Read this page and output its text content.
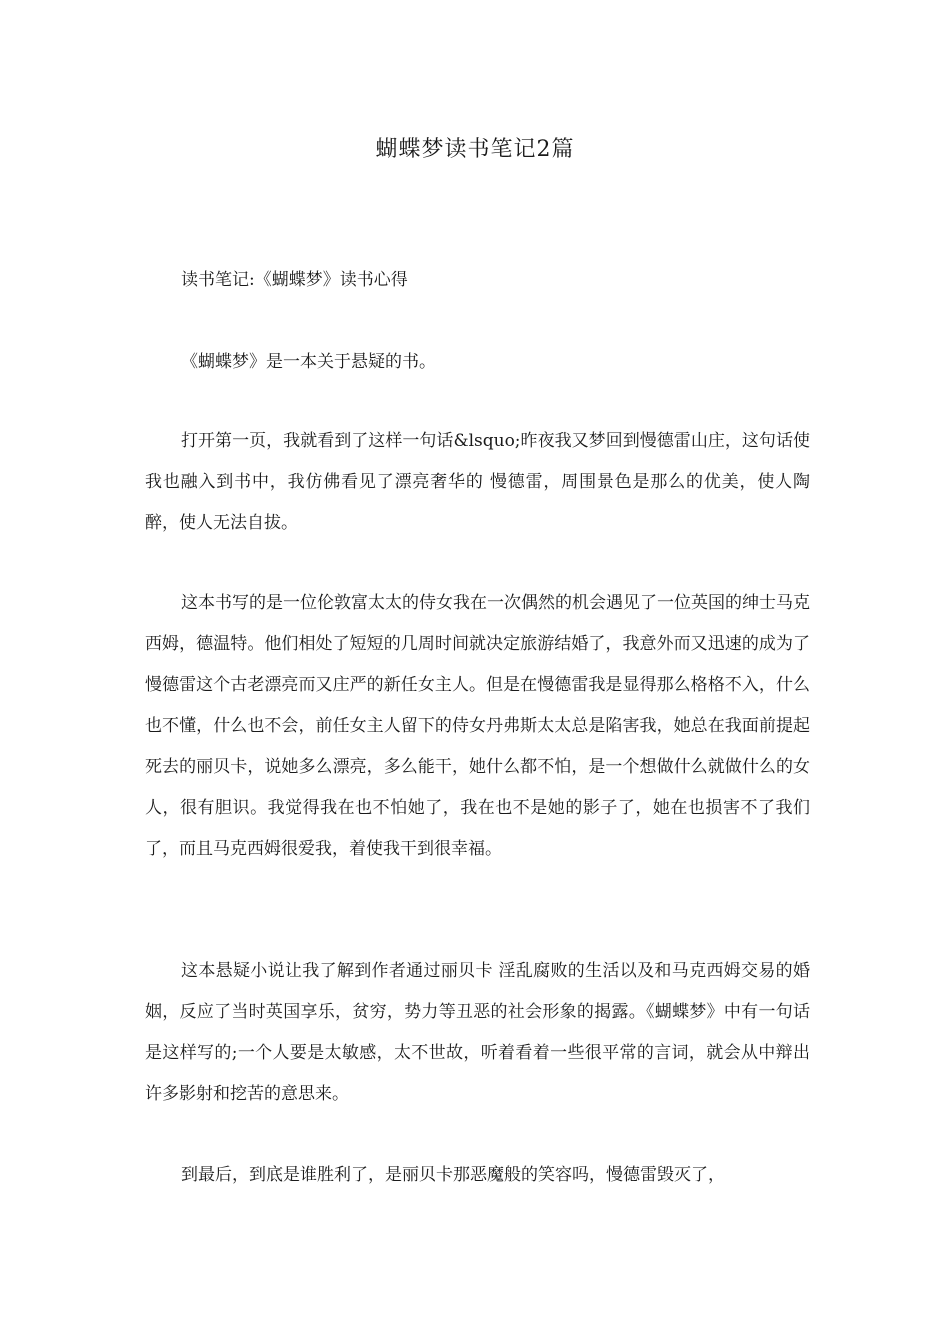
蝴蝶梦读书笔记2篇

读书笔记:《蝴蝶梦》读书心得

《蝴蝶梦》是一本关于悬疑的书。

打开第一页，我就看到了这样一句话&lsquo;昨夜我又梦回到慢德雷山庄，这句话使我也融入到书中，我仿佛看见了漂亮奢华的 慢德雷，周围景色是那么的优美，使人陶醉，使人无法自拔。

这本书写的是一位伦敦富太太的侍女我在一次偶然的机会遇见了一位英国的绅士马克西姆，德温特。他们相处了短短的几周时间就决定旅游结婚了，我意外而又迅速的成为了慢德雷这个古老漂亮而又庄严的新任女主人。但是在慢德雷我是显得那么格格不入，什么也不懂，什么也不会，前任女主人留下的侍女丹弗斯太太总是陷害我，她总在我面前提起死去的丽贝卡，说她多么漂亮，多么能干，她什么都不怕，是一个想做什么就做什么的女人，很有胆识。我觉得我在也不怕她了，我在也不是她的影子了，她在也损害不了我们了，而且马克西姆很爱我，着使我干到很幸福。

这本悬疑小说让我了解到作者通过丽贝卡 淫乱腐败的生活以及和马克西姆交易的婚姻，反应了当时英国享乐，贫穷，势力等丑恶的社会形象的揭露。《蝴蝶梦》中有一句话是这样写的;一个人要是太敏感，太不世故，听着看着一些很平常的言词，就会从中辩出许多影射和挖苦的意思来。

到最后，到底是谁胜利了，是丽贝卡那恶魔般的笑容吗，慢德雷毁灭了，
